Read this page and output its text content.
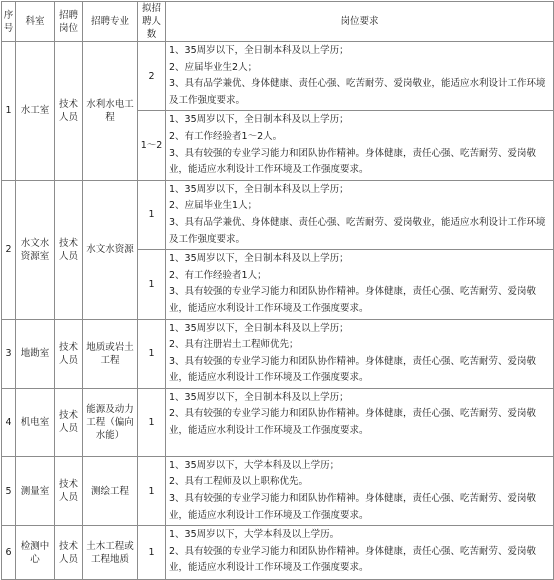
序号	科室	招聘岗位	招聘专业	拟招聘人数	岗位要求
1	水工室	技术人员	水利水电工程	2	1、35周岁以下，全日制本科及以上学历；
2、应届毕业生2人；
3、具有品学兼优、身体健康、责任心强、吃苦耐劳、爱岗敬业，能适应水利设计工作环境及工作强度要求。

				1～2	1、35周岁以下，全日制本科及以上学历；
2、有工作经验者1～2人。
3、具有较强的专业学习能力和团队协作精神。身体健康，责任心强、吃苦耐劳、爱岗敬业，能适应水利设计工作环境及工作强度要求。

2	水文水资源室	技术人员	水文水资源	1	1、35周岁以下，全日制本科及以上学历；
2、应届毕业生1人；
3、具有品学兼优、身体健康、责任心强、吃苦耐劳、爱岗敬业，能适应水利设计工作环境及工作强度要求。

				1	1、35周岁以下，全日制本科及以上学历；
2、有工作经验者1人；
3、具有较强的专业学习能力和团队协作精神。身体健康，责任心强、吃苦耐劳、爱岗敬业，能适应水利设计工作环境及工作强度要求。

3	地勘室	技术人员	地质或岩土工程	1	1、35周岁以下，全日制本科及以上学历；
2、具有注册岩土工程师优先；
3、具有较强的专业学习能力和团队协作精神。身体健康，责任心强、吃苦耐劳、爱岗敬业，能适应水利设计工作环境及工作强度要求。

4	机电室	技术人员	能源及动力工程（偏向水能）	1	1、35周岁以下，全日制本科及以上学历；
2、具有较强的专业学习能力和团队协作精神。身体健康，责任心强、吃苦耐劳、爱岗敬业，能适应水利设计工作环境及工作强度要求。

5	测量室	技术人员	测绘工程	1	1、35周岁以下，大学本科及以上学历；
2、具有工程师及以上职称优先。
3、具有较强的专业学习能力和团队协作精神。身体健康，责任心强、吃苦耐劳、爱岗敬业，能适应水利设计工作环境及工作强度要求。

6	检测中心	技术人员	土木工程或工程地质	1	1、35周岁以下，大学本科及以上学历。
2、具有较强的专业学习能力和团队协作精神。身体健康，责任心强、吃苦耐劳、爱岗敬业，能适应水利设计工作环境及工作强度要求。
